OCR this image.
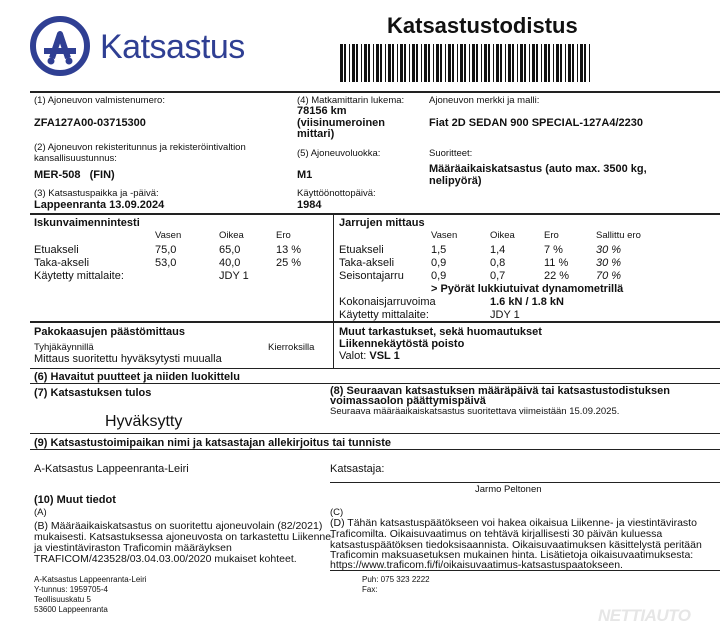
Katsastus
Katsastustodistus
(1) Ajoneuvon valmistenumero:
ZFA127A00-03715300
(4) Matkamittarin lukema:
78156 km
(viisinumeroinen
mittari)
Ajoneuvon merkki ja malli:
Fiat 2D SEDAN 900 SPECIAL-127A4/2230
(2) Ajoneuvon rekisteritunnus ja rekisteröintivaltion
kansallisuustunnus:
MER-508   (FIN)
(5) Ajoneuvoluokka:
M1
Suoritteet:
Määräaikaiskatsastus (auto max. 3500 kg,
nelipyörä)
(3) Katsastuspaikka ja -päivä:
Lappeenranta 13.09.2024
Käyttöönottopäivä:
1984
Iskunvaimennintesti
	Vasen	Oikea	Ero
Etuakseli	75,0	65,0	13 %
Taka-akseli	53,0	40,0	25 %
Käytetty mittalaite:		JDY 1	
Jarrujen mittaus
	Vasen	Oikea	Ero	Sallittu ero
Etuakseli	1,5	1,4	7 %	30 %
Taka-akseli	0,9	0,8	11 %	30 %
Seisontajarru	0,9	0,7	22 %	70 %
	> Pyörät lukkiutuivat dynamometrillä			
Kokonaisjarruvoima		1.6 kN / 1.8 kN		
Käytetty mittalaite:		JDY 1		
Pakokaasujen päästömittaus
Tyhjäkäynnillä	Kierroksilla
Mittaus suoritettu hyväksytysti muualla
Muut tarkastukset, sekä huomautukset
Liikennekäytöstä poisto
Valot: VSL 1
(6) Havaitut puutteet ja niiden luokittelu
(7) Katsastuksen tulos
Hyväksytty
(8) Seuraavan katsastuksen määräpäivä tai katsastustodistuksen
voimassaolon päättymispäivä
Seuraava määräaikaiskatsastus suoritettava viimeistään 15.09.2025.
(9) Katsastustoimipaikan nimi ja katsastajan allekirjoitus tai tunniste
A-Katsastus Lappeenranta-Leiri	Katsastaja:
Jarmo Peltonen
(10) Muut tiedot
(A)
(B) Määräaikaiskatsastus on suoritettu ajoneuvolain (82/2021)
mukaisesti. Katsastuksessa ajoneuvosta on tarkastettu Liikenne-
ja viestintäviraston Traficomin määräyksen
TRAFICOM/423528/03.04.03.00/2020 mukaiset kohteet.
(C)
(D) Tähän katsastuspäätökseen voi hakea oikaisua Liikenne- ja viestintävirasto
Traficomilta. Oikaisuvaatimus on tehtävä kirjallisesti 30 päivän kuluessa
katsastuspäätöksen tiedoksisaannista. Oikaisuvaatimuksen käsittelystä peritään
Traficomin maksuasetuksen mukainen hinta. Lisätietoja oikaisuvaatimuksesta:
https://www.traficom.fi/fi/oikaisuvaatimus-katsastuspaatokseen.
A-Katsastus Lappeenranta-Leiri
Y-tunnus: 1959705-4
Teollisuuskatu 5
53600 Lappeenranta
Puh: 075 323 2222
Fax:
NETTIAUTO
